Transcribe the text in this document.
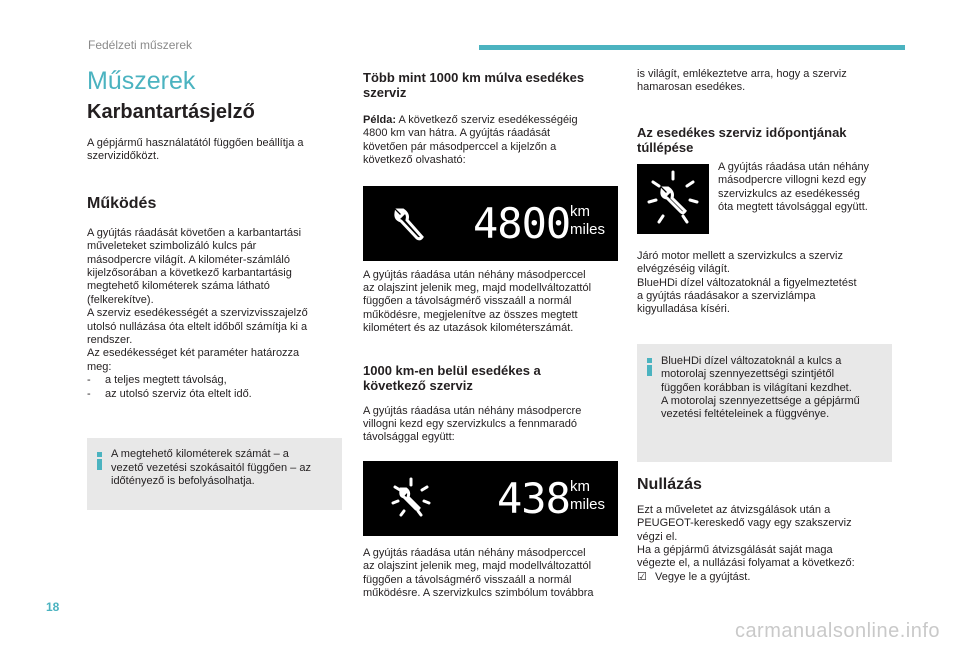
Fedélzeti műszerek
Műszerek
Karbantartásjelző

A gépjármű használatától függően beállítja a

szervizidőközt.

Működés

A gyújtás ráadását követően a karbantartási

műveleteket szimbolizáló kulcs pár

másodpercre világít. A kilométer-számláló

kijelzősorában a következő karbantartásig

megtehető kilométerek száma látható

(felkerekítve).

A szerviz esedékességét a szervizvisszajelző

utolsó nullázása óta eltelt időből számítja ki a

rendszer.

Az esedékességet két paraméter határozza

meg:

-	a teljes megtett távolság,
-	az utolsó szerviz óta eltelt idő.

A megtehető kilométerek számát – a

vezető vezetési szokásaitól függően – az

időtényező is befolyásolhatja.

Több mint 1000 km múlva esedékes
szerviz

Példa: A következő szerviz esedékességéig

4800 km van hátra. A gyújtás ráadását

követően pár másodperccel a kijelzőn a

következő olvasható:

4800 km
miles

A gyújtás ráadása után néhány másodperccel

az olajszint jelenik meg, majd modellváltozattól

függően a távolságmérő visszaáll a normál

működésre, megjelenítve az összes megtett

kilométert és az utazások kilométerszámát.

1000 km-en belül esedékes a
következő szerviz

A gyújtás ráadása után néhány másodpercre

villogni kezd egy szervizkulcs a fennmaradó

távolsággal együtt:

438 km
miles

A gyújtás ráadása után néhány másodperccel

az olajszint jelenik meg, majd modellváltozattól

függően a távolságmérő visszaáll a normál

működésre. A szervizkulcs szimbólum továbbra

is világít, emlékeztetve arra, hogy a szerviz

hamarosan esedékes.

Az esedékes szerviz időpontjának
túllépése

A gyújtás ráadása után néhány

másodpercre villogni kezd egy

szervizkulcs az esedékesség

óta megtett távolsággal együtt.

Járó motor mellett a szervizkulcs a szerviz

elvégzéséig világít.

BlueHDi dízel változatoknál a figyelmeztetést

a gyújtás ráadásakor a szervizlámpa

kigyulladása kíséri.

BlueHDi dízel változatoknál a kulcs a

motorolaj szennyezettségi szintjétől

függően korábban is világítani kezdhet.

A motorolaj szennyezettsége a gépjármű

vezetési feltételeinek a függvénye.

Nullázás

Ezt a műveletet az átvizsgálások után a

PEUGEOT-kereskedő vagy egy szakszerviz

végzi el.

Ha a gépjármű átvizsgálását saját maga

végezte el, a nullázási folyamat a következő:

☑ Vegye le a gyújtást.
18
carmanualsonline.info
